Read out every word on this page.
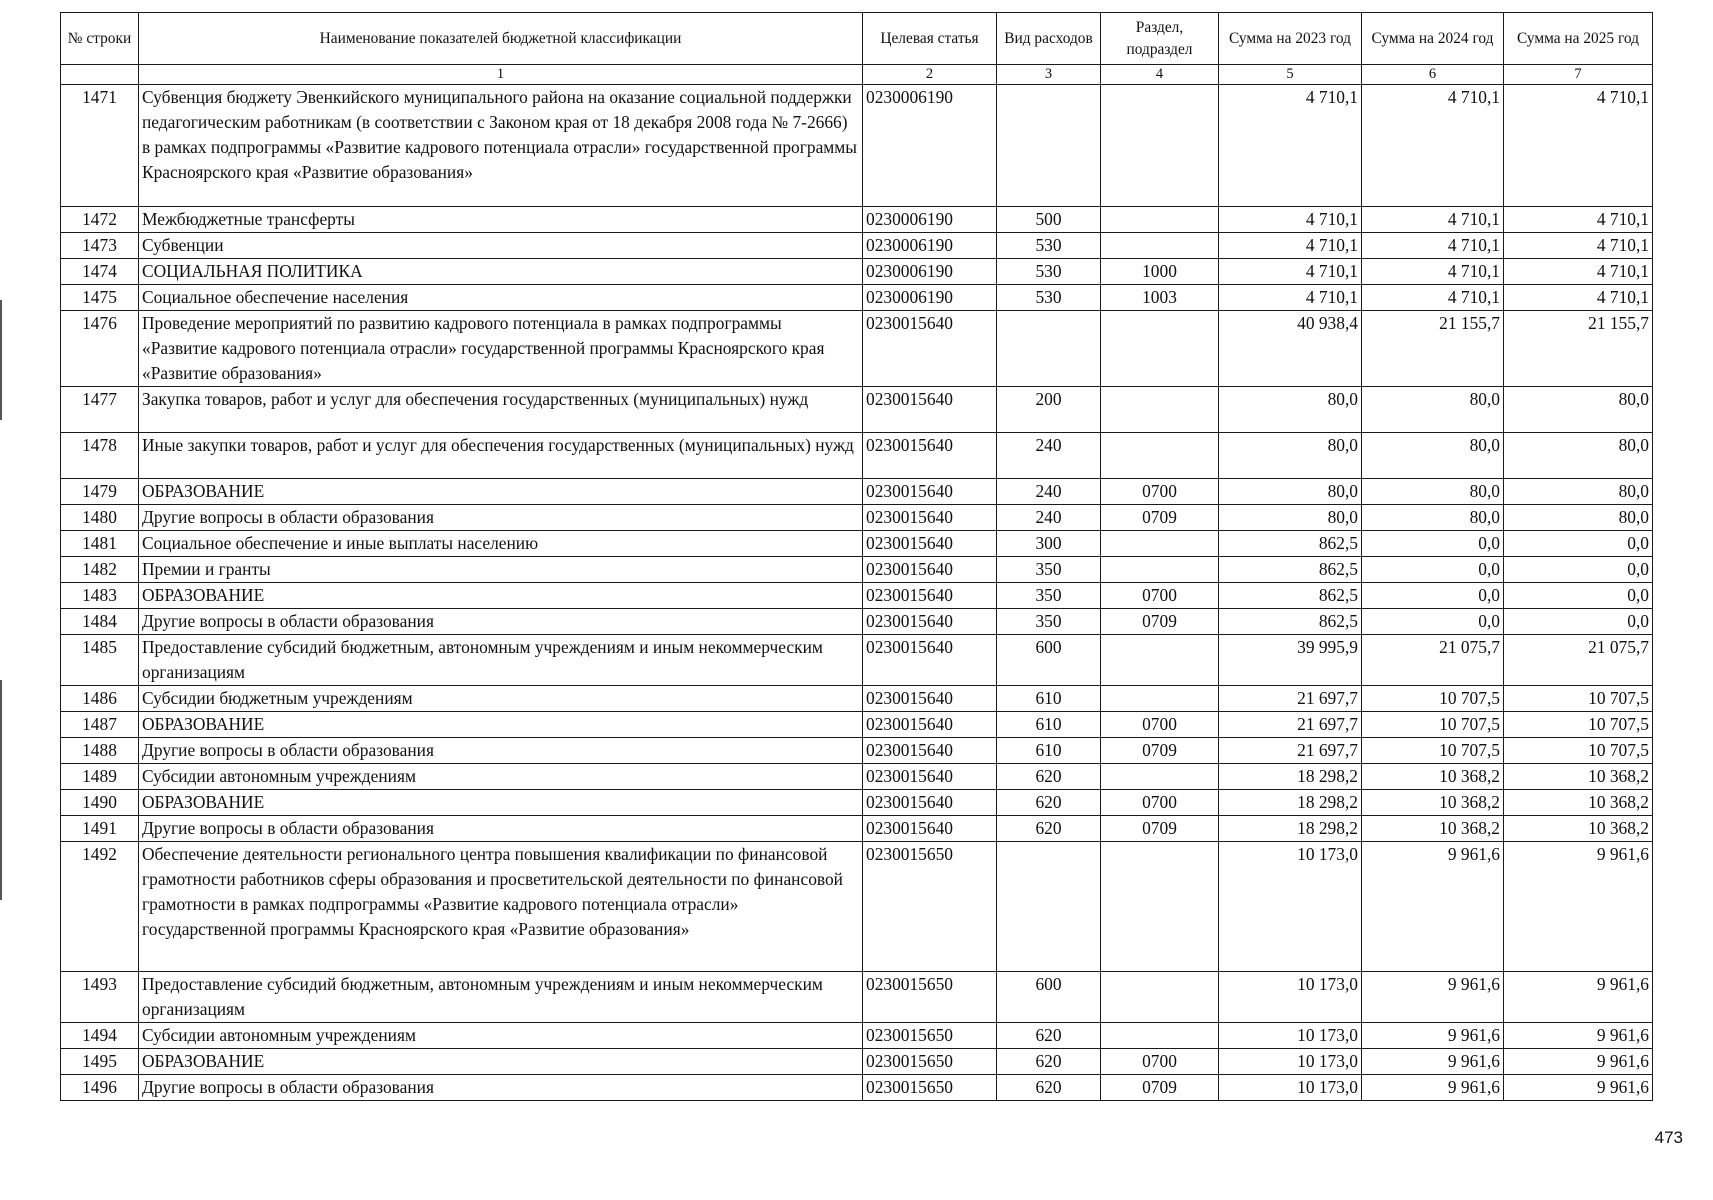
№ строки	Наименование показателей бюджетной классификации	Целевая статья	Вид расходов	Раздел, подраздел	Сумма на 2023 год	Сумма на 2024 год	Сумма на 2025 год
	1	2	3	4	5	6	7
1471	Субвенция бюджету Эвенкийского муниципального района на оказание социальной поддержки педагогическим работникам (в соответствии с Законом края от 18 декабря 2008 года № 7-2666) в рамках подпрограммы «Развитие кадрового потенциала отрасли» государственной программы Красноярского края «Развитие образования»	0230006190			4 710,1	4 710,1	4 710,1
1472	Межбюджетные трансферты	0230006190	500		4 710,1	4 710,1	4 710,1
1473	Субвенции	0230006190	530		4 710,1	4 710,1	4 710,1
1474	СОЦИАЛЬНАЯ ПОЛИТИКА	0230006190	530	1000	4 710,1	4 710,1	4 710,1
1475	Социальное обеспечение населения	0230006190	530	1003	4 710,1	4 710,1	4 710,1
1476	Проведение мероприятий по развитию кадрового потенциала в рамках подпрограммы «Развитие кадрового потенциала отрасли» государственной программы Красноярского края «Развитие образования»	0230015640			40 938,4	21 155,7	21 155,7
1477	Закупка товаров, работ и услуг для обеспечения государственных (муниципальных) нужд	0230015640	200		80,0	80,0	80,0
1478	Иные закупки товаров, работ и услуг для обеспечения государственных (муниципальных) нужд	0230015640	240		80,0	80,0	80,0
1479	ОБРАЗОВАНИЕ	0230015640	240	0700	80,0	80,0	80,0
1480	Другие вопросы в области образования	0230015640	240	0709	80,0	80,0	80,0
1481	Социальное обеспечение и иные выплаты населению	0230015640	300		862,5	0,0	0,0
1482	Премии и гранты	0230015640	350		862,5	0,0	0,0
1483	ОБРАЗОВАНИЕ	0230015640	350	0700	862,5	0,0	0,0
1484	Другие вопросы в области образования	0230015640	350	0709	862,5	0,0	0,0
1485	Предоставление субсидий бюджетным, автономным учреждениям и иным некоммерческим организациям	0230015640	600		39 995,9	21 075,7	21 075,7
1486	Субсидии бюджетным учреждениям	0230015640	610		21 697,7	10 707,5	10 707,5
1487	ОБРАЗОВАНИЕ	0230015640	610	0700	21 697,7	10 707,5	10 707,5
1488	Другие вопросы в области образования	0230015640	610	0709	21 697,7	10 707,5	10 707,5
1489	Субсидии автономным учреждениям	0230015640	620		18 298,2	10 368,2	10 368,2
1490	ОБРАЗОВАНИЕ	0230015640	620	0700	18 298,2	10 368,2	10 368,2
1491	Другие вопросы в области образования	0230015640	620	0709	18 298,2	10 368,2	10 368,2
1492	Обеспечение деятельности регионального центра повышения квалификации по финансовой грамотности работников сферы образования и просветительской деятельности по финансовой грамотности в рамках подпрограммы «Развитие кадрового потенциала отрасли» государственной программы Красноярского края «Развитие образования»	0230015650			10 173,0	9 961,6	9 961,6
1493	Предоставление субсидий бюджетным, автономным учреждениям и иным некоммерческим организациям	0230015650	600		10 173,0	9 961,6	9 961,6
1494	Субсидии автономным учреждениям	0230015650	620		10 173,0	9 961,6	9 961,6
1495	ОБРАЗОВАНИЕ	0230015650	620	0700	10 173,0	9 961,6	9 961,6
1496	Другие вопросы в области образования	0230015650	620	0709	10 173,0	9 961,6	9 961,6
473
